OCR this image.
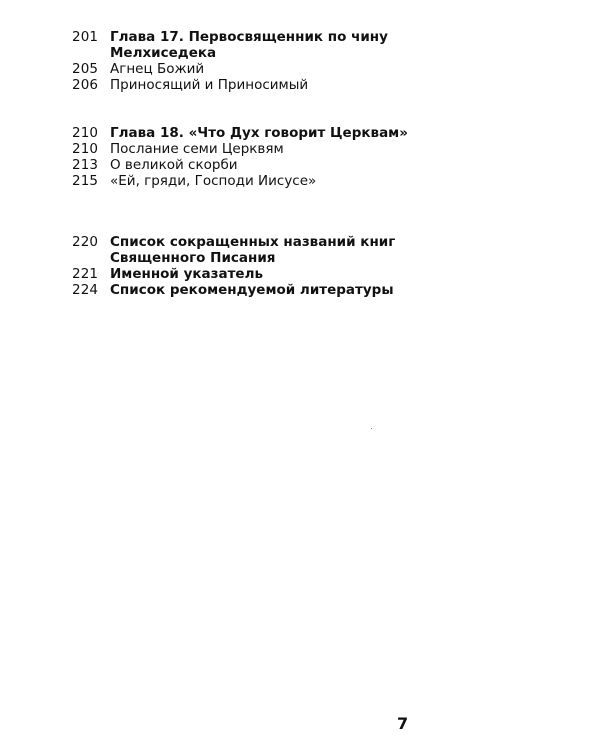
201 Глава 17. Первосвященник по чину
Мелхиседека
205 Агнец Божий
206 Приносящий и Приносимый
210 Глава 18. «Что Дух говорит Церквам»
210 Послание семи Церквям
213 О великой скорби
215 «Ей, гряди, Господи Иисусе»
220 Список сокращенных названий книг
Священного Писания
221 Именной указатель
224 Список рекомендуемой литературы
7
